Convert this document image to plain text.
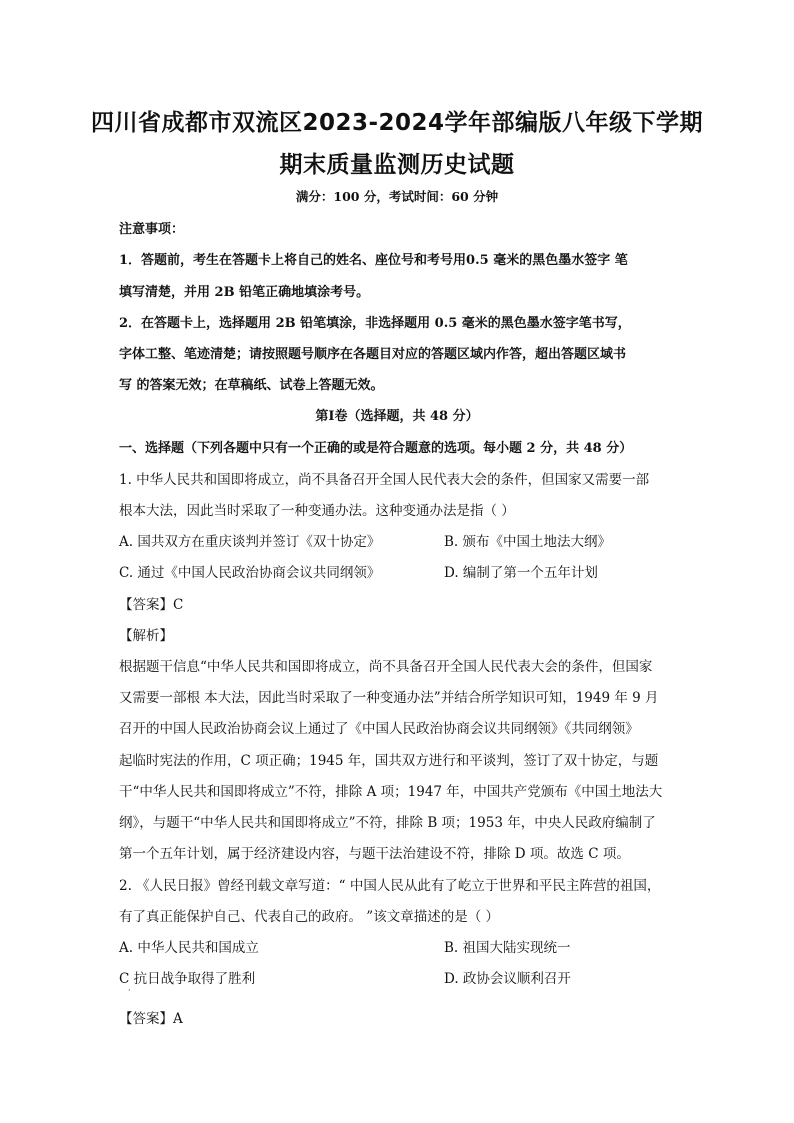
四川省成都市双流区2023-2024学年部编版八年级下学期
期末质量监测历史试题
满分：100 分，考试时间：60 分钟
注意事项：
1．答题前，考生在答题卡上将自己的姓名、座位号和考号用0.5 毫米的黑色墨水签字 笔
填写清楚，并用 2B 铅笔正确地填涂考号。
2．在答题卡上，选择题用 2B 铅笔填涂，非选择题用 0.5 毫米的黑色墨水签字笔书写，
字体工整、笔迹清楚；请按照题号顺序在各题目对应的答题区域内作答，超出答题区域书
写 的答案无效；在草稿纸、试卷上答题无效。
第Ⅰ卷（选择题，共 48 分）
一、选择题（下列各题中只有一个正确的或是符合题意的选项。每小题 2 分，共 48 分）
1. 中华人民共和国即将成立，尚不具备召开全国人民代表大会的条件，但国家又需要一部
根本大法，因此当时采取了一种变通办法。这种变通办法是指（ ）
A. 国共双方在重庆谈判并签订《双十协定》	B. 颁布《中国土地法大纲》
C. 通过《中国人民政治协商会议共同纲领》	D. 编制了第一个五年计划
【答案】C
【解析】
根据题干信息“中华人民共和国即将成立，尚不具备召开全国人民代表大会的条件，但国家
又需要一部根 本大法，因此当时采取了一种变通办法”并结合所学知识可知，1949 年 9 月
召开的中国人民政治协商会议上通过了《中国人民政治协商会议共同纲领》《共同纲领》
起临时宪法的作用，C 项正确；1945 年，国共双方进行和平谈判，签订了双十协定，与题
干“中华人民共和国即将成立”不符，排除 A 项；1947 年，中国共产党颁布《中国土地法大
纲》，与题干“中华人民共和国即将成立”不符，排除 B 项；1953 年，中央人民政府编制了
第一个五年计划，属于经济建设内容，与题干法治建设不符，排除 D 项。故选 C 项。
2. 《人民日报》曾经刊载文章写道：“ 中国人民从此有了屹立于世界和平民主阵营的祖国，
有了真正能保护自己、代表自己的政府。 ”该文章描述的是（ ）
A. 中华人民共和国成立	B. 祖国大陆实现统一
C 抗日战争取得了胜利	D. 政协会议顺利召开
·
【答案】A
